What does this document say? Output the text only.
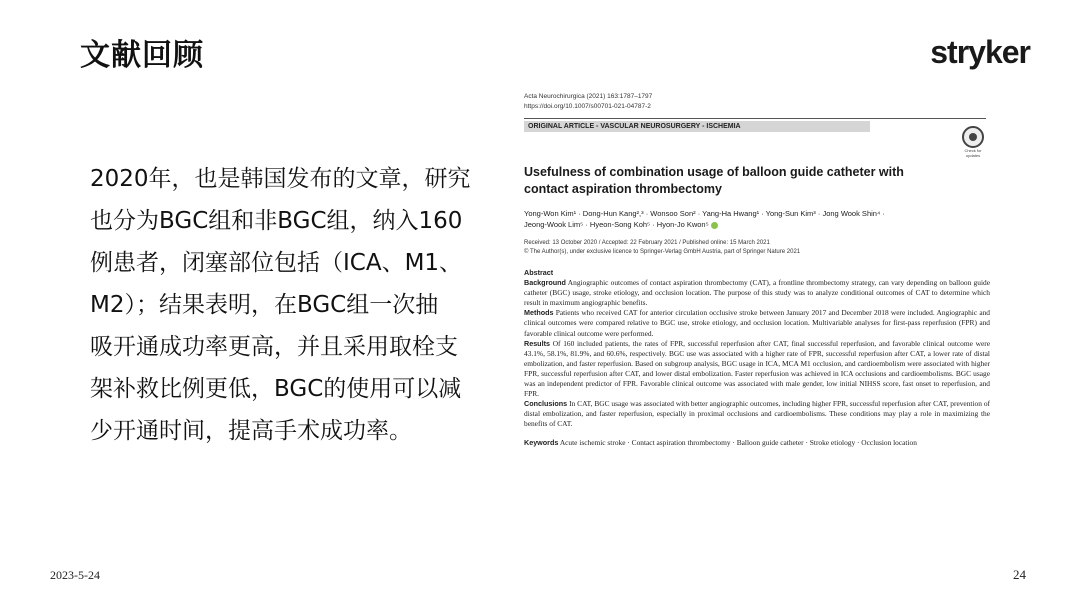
文献回顾	stryker

2020年，也是韩国发布的文章，研究

也分为BGC组和非BGC组，纳入160

例患者，闭塞部位包括（ICA、M1、

M2）；结果表明，在BGC组一次抽

吸开通成功率更高，并且采用取栓支

架补救比例更低，BGC的使用可以减

少开通时间，提高手术成功率。

Acta Neurochirurgica (2021) 163:1787–1797
https://doi.org/10.1007/s00701-021-04787-2
ORIGINAL ARTICLE - VASCULAR NEUROSURGERY - ISCHEMIA
Check for updates
Usefulness of combination usage of balloon guide catheter with contact aspiration thrombectomy
Yong-Won Kim¹ · Dong-Hun Kang²,³ · Wonsoo Son² · Yang-Ha Hwang¹ · Yong-Sun Kim³ · Jong Wook Shin⁴ ·
Jeong-Wook Lim⁵ · Hyeon-Song Koh⁵ · Hyon-Jo Kwon⁵
Received: 13 October 2020 / Accepted: 22 February 2021 / Published online: 15 March 2021
© The Author(s), under exclusive licence to Springer-Verlag GmbH Austria, part of Springer Nature 2021

Abstract

Background Angiographic outcomes of contact aspiration thrombectomy (CAT), a frontline thrombectomy strategy, can vary depending on balloon guide catheter (BGC) usage, stroke etiology, and occlusion location. The purpose of this study was to analyze conditional outcomes of CAT to determine which result in maximum angiographic benefits.

Methods Patients who received CAT for anterior circulation occlusive stroke between January 2017 and December 2018 were included. Angiographic and clinical outcomes were compared relative to BGC use, stroke etiology, and occlusion location. Multivariable analyses for first-pass reperfusion (FPR) and favorable clinical outcome were performed.

Results Of 160 included patients, the rates of FPR, successful reperfusion after CAT, final successful reperfusion, and favorable clinical outcome were 43.1%, 58.1%, 81.9%, and 60.6%, respectively. BGC use was associated with a higher rate of FPR, successful reperfusion after CAT, a lower rate of distal embolization, and faster reperfusion. Based on subgroup analysis, BGC usage in ICA, MCA M1 occlusion, and cardioembolism were associated with higher FPR, successful reperfusion after CAT, and lower distal embolization. Faster reperfusion was achieved in ICA occlusions and cardioembolisms. BGC usage was an independent predictor of FPR. Favorable clinical outcome was associated with male gender, low initial NIHSS score, fast onset to reperfusion, and FPR.

Conclusions In CAT, BGC usage was associated with better angiographic outcomes, including higher FPR, successful reperfusion after CAT, prevention of distal embolization, and faster reperfusion, especially in proximal occlusions and cardioembolisms. These conditions may play a role in maximizing the benefits of CAT.

Keywords Acute ischemic stroke · Contact aspiration thrombectomy · Balloon guide catheter · Stroke etiology · Occlusion location
2023-5-24	24
